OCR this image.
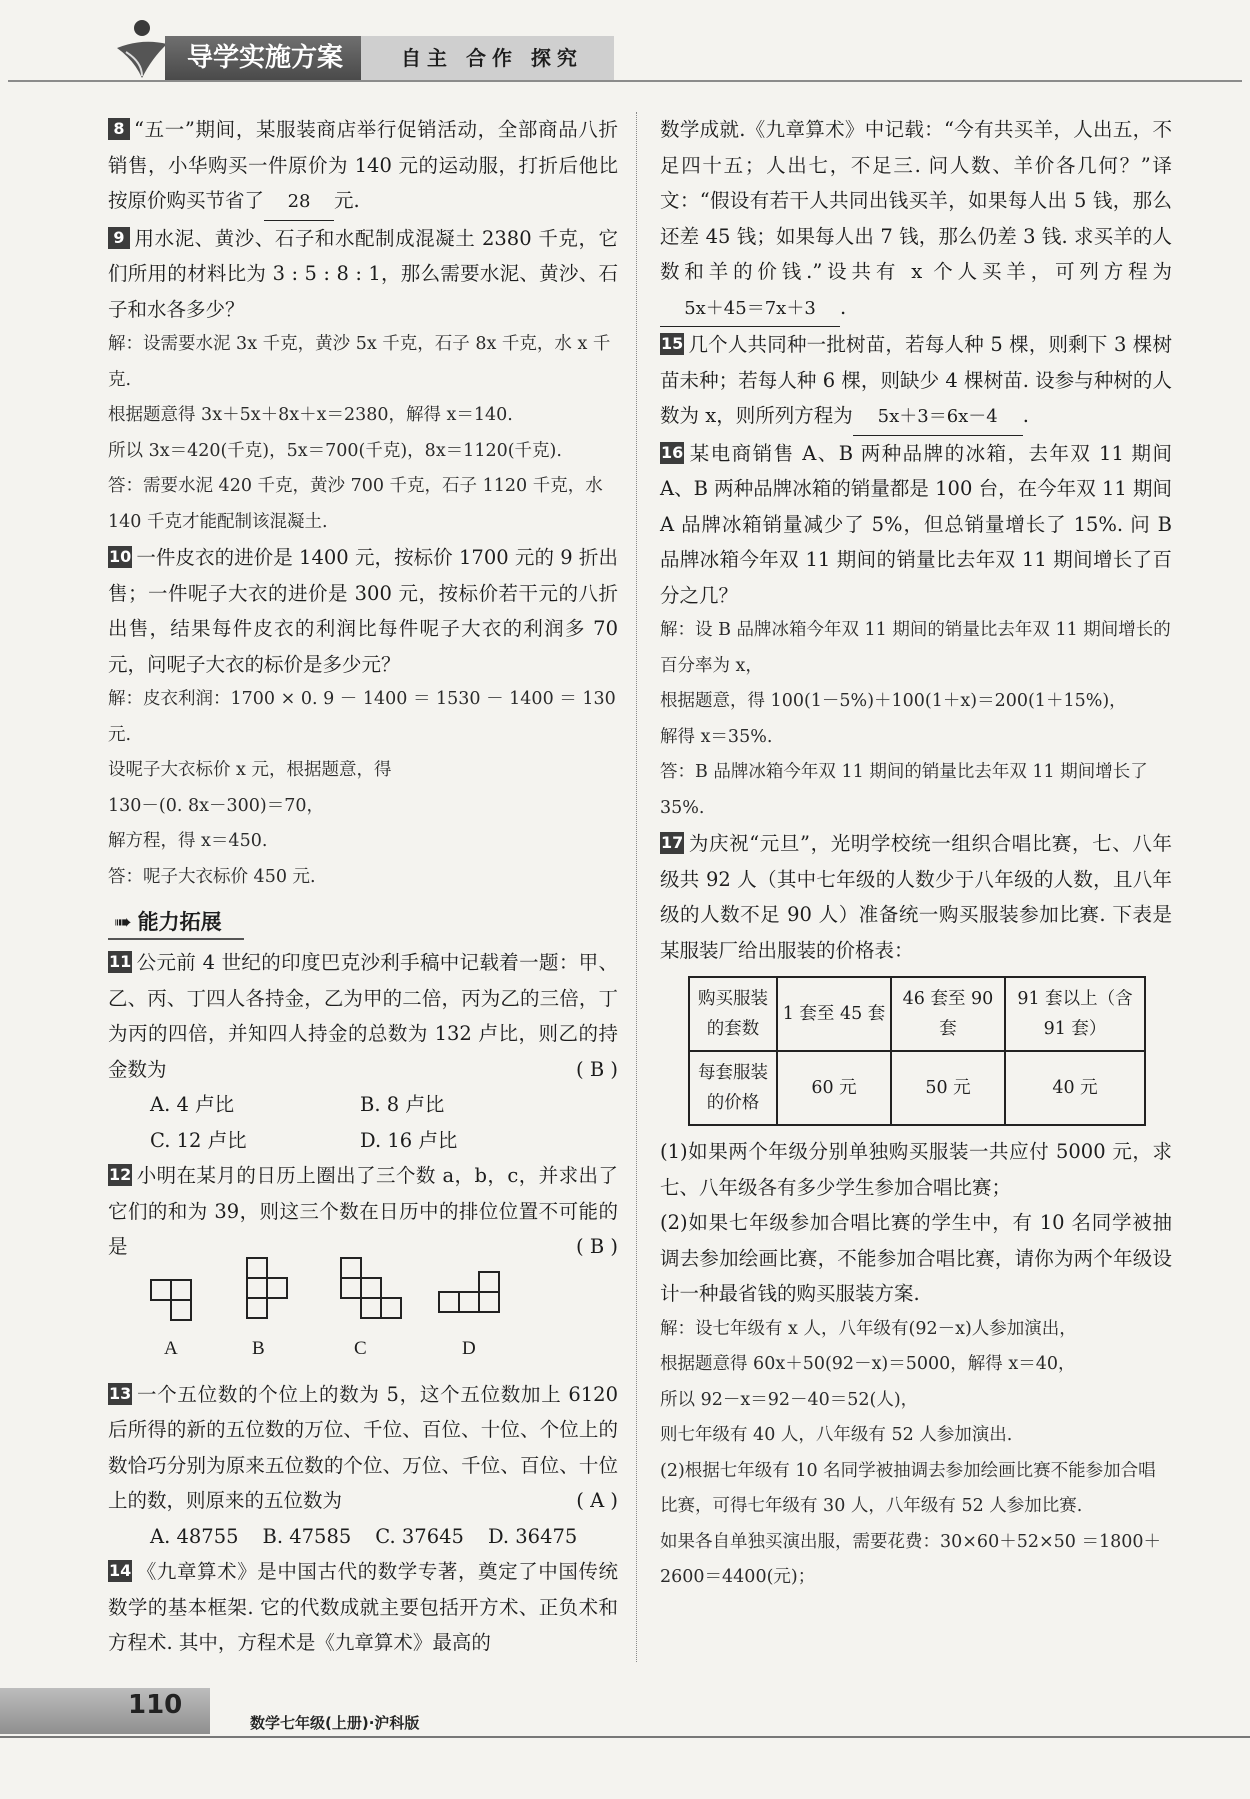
导学实施方案	自主 合作 探究

8 “五一”期间，某服装商店举行促销活动，全部商品八折销售，小华购买一件原价为 140 元的运动服，打折后他比按原价购买节省了 28 元.

9 用水泥、黄沙、石子和水配制成混凝土 2380 千克，它们所用的材料比为 3 : 5 : 8 : 1，那么需要水泥、黄沙、石子和水各多少？

解：设需要水泥 3x 千克，黄沙 5x 千克，石子 8x 千克，水 x 千克.

根据题意得 3x＋5x＋8x＋x＝2380，解得 x＝140.

所以 3x＝420(千克)，5x＝700(千克)，8x＝1120(千克).

答：需要水泥 420 千克，黄沙 700 千克，石子 1120 千克，水 140 千克才能配制该混凝土.

10 一件皮衣的进价是 1400 元，按标价 1700 元的 9 折出售；一件呢子大衣的进价是 300 元，按标价若干元的八折出售，结果每件皮衣的利润比每件呢子大衣的利润多 70 元，问呢子大衣的标价是多少元？

解：皮衣利润：1700 × 0. 9 － 1400 ＝ 1530 － 1400 ＝ 130 元.

设呢子大衣标价 x 元，根据题意，得

130－(0. 8x－300)＝70，

解方程，得 x＝450.

答：呢子大衣标价 450 元.

➠ 能力拓展

11 公元前 4 世纪的印度巴克沙利手稿中记载着一题：甲、乙、丙、丁四人各持金，乙为甲的二倍，丙为乙的三倍，丁为丙的四倍，并知四人持金的总数为 132 卢比，则乙的持金数为	( B )

A. 4 卢比	B. 8 卢比
C. 12 卢比	D. 16 卢比

12 小明在某月的日历上圈出了三个数 a，b，c，并求出了它们的和为 39，则这三个数在日历中的排位位置不可能的是	( B )

A	B	C	D

13 一个五位数的个位上的数为 5，这个五位数加上 6120 后所得的新的五位数的万位、千位、百位、十位、个位上的数恰巧分别为原来五位数的个位、万位、千位、百位、十位上的数，则原来的五位数为	( A )

A. 48755 B. 47585 C. 37645 D. 36475

14 《九章算术》是中国古代的数学专著，奠定了中国传统数学的基本框架. 它的代数成就主要包括开方术、正负术和方程术. 其中，方程术是《九章算术》最高的

数学成就.《九章算术》中记载：“今有共买羊，人出五，不足四十五；人出七，不足三. 问人数、羊价各几何？”译文：“假设有若干人共同出钱买羊，如果每人出 5 钱，那么还差 45 钱；如果每人出 7 钱，那么仍差 3 钱. 求买羊的人数和羊的价钱.”设共有 x 个人买羊，可列方程为5x＋45＝7x＋3 .

15 几个人共同种一批树苗，若每人种 5 棵，则剩下 3 棵树苗未种；若每人种 6 棵，则缺少 4 棵树苗. 设参与种树的人数为 x，则所列方程为 5x＋3＝6x－4 .

16 某电商销售 A、B 两种品牌的冰箱，去年双 11 期间 A、B 两种品牌冰箱的销量都是 100 台，在今年双 11 期间 A 品牌冰箱销量减少了 5%，但总销量增长了 15%. 问 B 品牌冰箱今年双 11 期间的销量比去年双 11 期间增长了百分之几？

解：设 B 品牌冰箱今年双 11 期间的销量比去年双 11 期间增长的百分率为 x，

根据题意，得 100(1－5%)＋100(1＋x)＝200(1＋15%)，

解得 x＝35%.

答：B 品牌冰箱今年双 11 期间的销量比去年双 11 期间增长了 35%.

17 为庆祝“元旦”，光明学校统一组织合唱比赛，七、八年级共 92 人（其中七年级的人数少于八年级的人数，且八年级的人数不足 90 人）准备统一购买服装参加比赛. 下表是某服装厂给出服装的价格表：

购买服装的套数	1 套至 45 套	46 套至 90 套	91 套以上（含 91 套）
每套服装的价格	60 元	50 元	40 元

(1)如果两个年级分别单独购买服装一共应付 5000 元，求七、八年级各有多少学生参加合唱比赛；

(2)如果七年级参加合唱比赛的学生中，有 10 名同学被抽调去参加绘画比赛，不能参加合唱比赛，请你为两个年级设计一种最省钱的购买服装方案.

解：设七年级有 x 人，八年级有(92－x)人参加演出，

根据题意得 60x＋50(92－x)＝5000，解得 x＝40，

所以 92－x＝92－40＝52(人)，

则七年级有 40 人，八年级有 52 人参加演出.

(2)根据七年级有 10 名同学被抽调去参加绘画比赛不能参加合唱比赛，可得七年级有 30 人，八年级有 52 人参加比赛.

如果各自单独买演出服，需要花费：30×60＋52×50 ＝1800＋2600＝4400(元)；

110
数学七年级(上册)·沪科版
